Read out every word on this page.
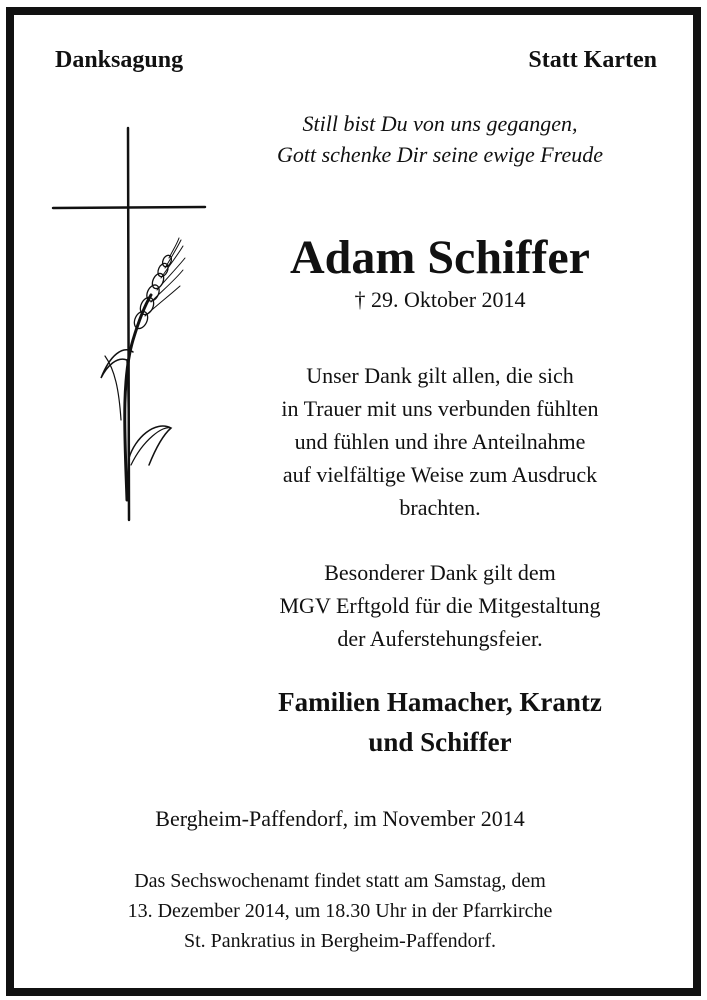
Danksagung	Statt Karten
Still bist Du von uns gegangen,
Gott schenke Dir seine ewige Freude
Adam Schiffer
† 29. Oktober 2014
Unser Dank gilt allen, die sich
in Trauer mit uns verbunden fühlten
und fühlen und ihre Anteilnahme
auf vielfältige Weise zum Ausdruck
brachten.
Besonderer Dank gilt dem
MGV Erftgold für die Mitgestaltung
der Auferstehungsfeier.
Familien Hamacher, Krantz
und Schiffer
Bergheim-Paffendorf, im November 2014
Das Sechswochenamt findet statt am Samstag, dem
13. Dezember 2014, um 18.30 Uhr in der Pfarrkirche
St. Pankratius in Bergheim-Paffendorf.
